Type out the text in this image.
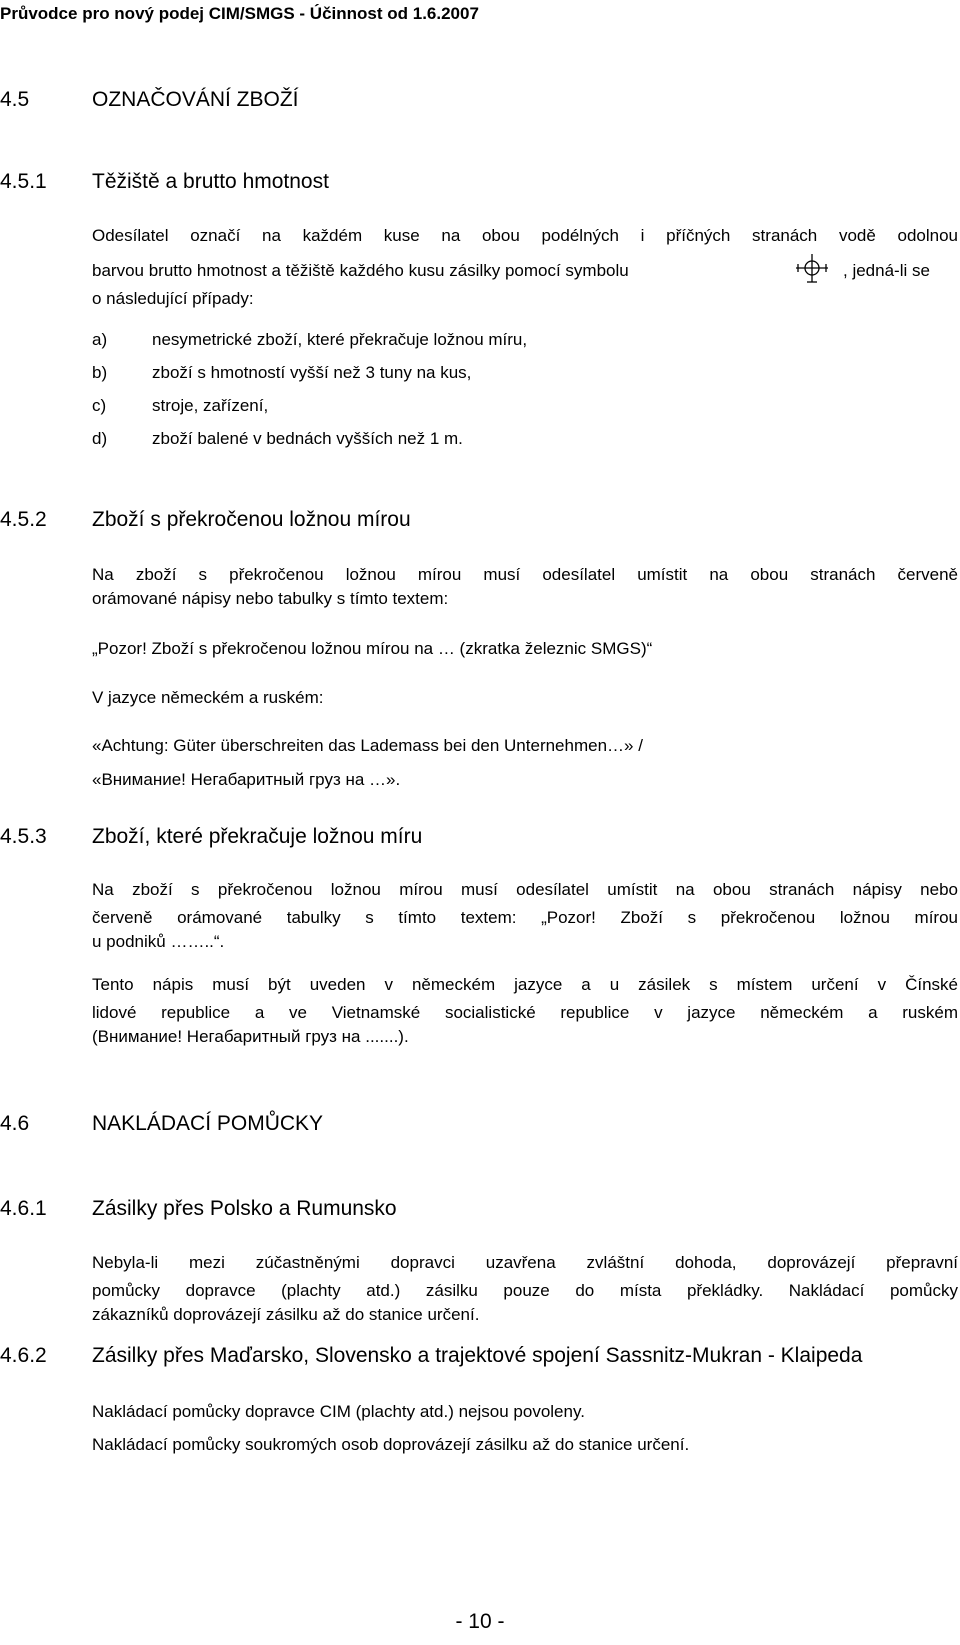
Průvodce pro nový podej CIM/SMGS - Účinnost od 1.6.2007
4.5	OZNAČOVÁNÍ ZBOŽÍ
4.5.1 Těžiště a brutto hmotnost
Odesílatel označí na každém kuse na obou podélných i příčných stranách vodě odolnou
barvou brutto hmotnost a těžiště každého kusu zásilky pomocí symbolu	, jedná-li se
o následující případy:
a)	nesymetrické zboží, které překračuje ložnou míru,
b)	zboží s hmotností vyšší než 3 tuny na kus,
c)	stroje, zařízení,
d)	zboží balené v bednách vyšších než 1 m.
4.5.2 Zboží s překročenou ložnou mírou
Na zboží s překročenou ložnou mírou musí odesílatel umístit na obou stranách červeně
orámované nápisy nebo tabulky s tímto textem:
„Pozor! Zboží s překročenou ložnou mírou na … (zkratka železnic SMGS)“
V jazyce německém a ruském:
«Achtung: Güter überschreiten das Lademass bei den Unternehmen…» /
«Внимание! Негабаритный груз на …».
4.5.3 Zboží, které překračuje ložnou míru
Na zboží s překročenou ložnou mírou musí odesílatel umístit na obou stranách nápisy nebo
červeně orámované tabulky s tímto textem: „Pozor! Zboží s překročenou ložnou mírou
u podniků ……..“.
Tento nápis musí být uveden v německém jazyce a u zásilek s místem určení v Čínské
lidové republice a ve Vietnamské socialistické republice v jazyce německém a ruském
(Внимание! Негабаритный груз на .......).
4.6	NAKLÁDACÍ POMŮCKY
4.6.1 Zásilky přes Polsko a Rumunsko
Nebyla-li mezi zúčastněnými dopravci uzavřena zvláštní dohoda, doprovázejí přepravní
pomůcky dopravce (plachty atd.) zásilku pouze do místa překládky. Nakládací pomůcky
zákazníků doprovázejí zásilku až do stanice určení.
4.6.2 Zásilky přes Maďarsko, Slovensko a trajektové spojení Sassnitz-Mukran - Klaipeda
Nakládací pomůcky dopravce CIM (plachty atd.) nejsou povoleny.
Nakládací pomůcky soukromých osob doprovázejí zásilku až do stanice určení.
- 10 -
